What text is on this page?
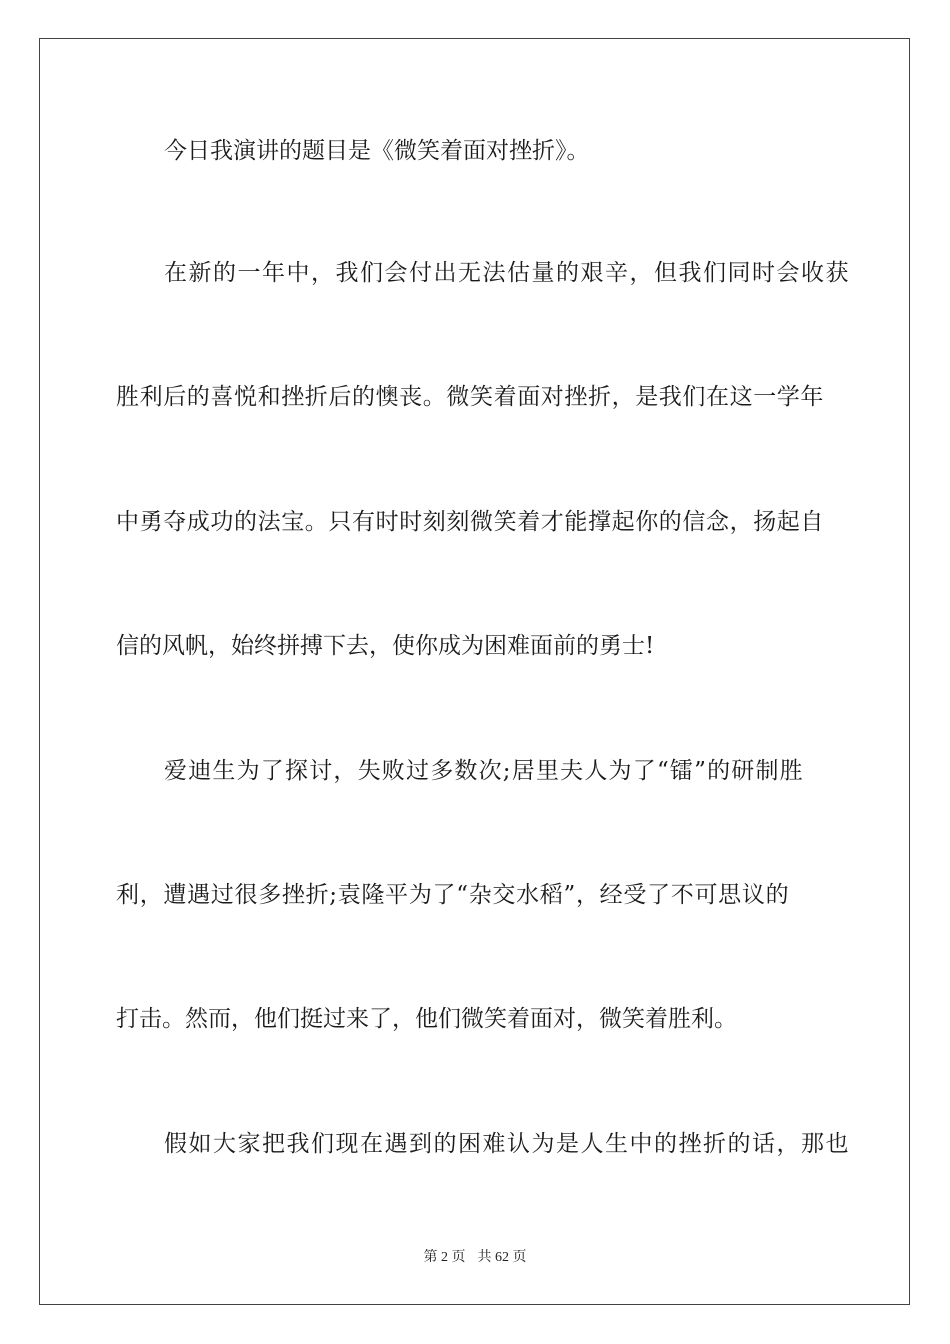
今日我演讲的题目是《微笑着面对挫折》。
在新的一年中，我们会付出无法估量的艰辛，但我们同时会收获
胜利后的喜悦和挫折后的懊丧。微笑着面对挫折，是我们在这一学年
中勇夺成功的法宝。只有时时刻刻微笑着才能撑起你的信念，扬起自
信的风帆，始终拼搏下去，使你成为困难面前的勇士!
爱迪生为了探讨，失败过多数次;居里夫人为了“镭”的研制胜
利，遭遇过很多挫折;袁隆平为了“杂交水稻”，经受了不可思议的
打击。然而，他们挺过来了，他们微笑着面对，微笑着胜利。
假如大家把我们现在遇到的困难认为是人生中的挫折的话，那也
第 2 页 共 62 页
